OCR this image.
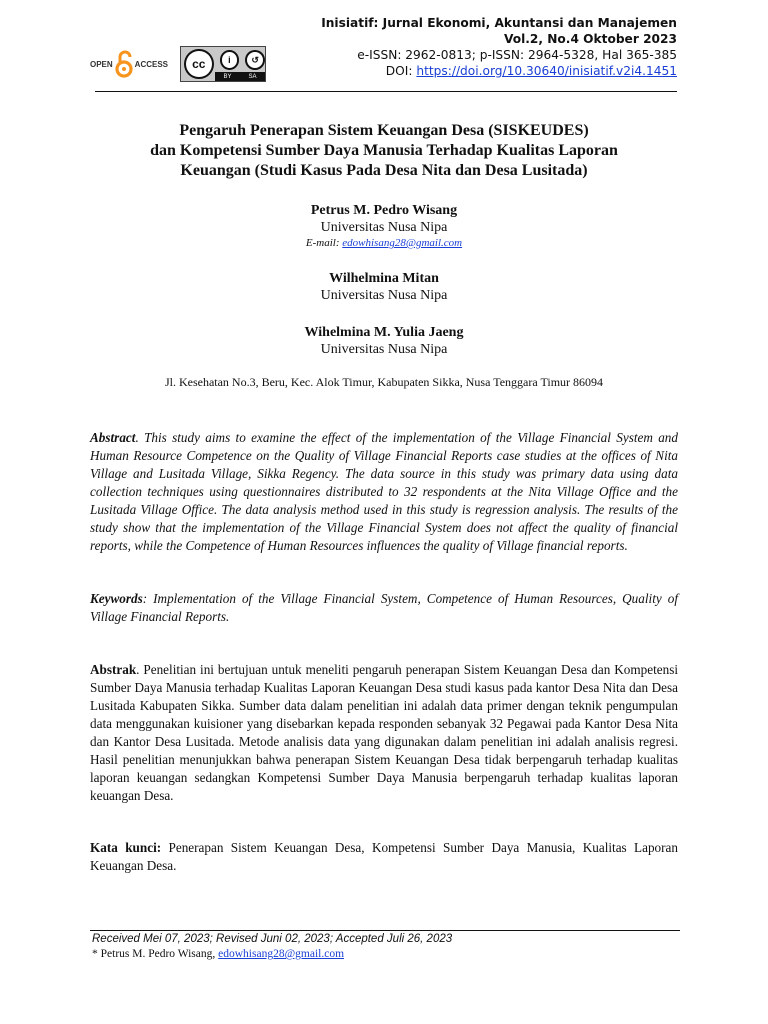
OPEN	ACCESS	cc	i	↺
BY	SA
Inisiatif: Jurnal Ekonomi, Akuntansi dan Manajemen
Vol.2, No.4 Oktober 2023
e-ISSN: 2962-0813; p-ISSN: 2964-5328, Hal 365-385
DOI: https://doi.org/10.30640/inisiatif.v2i4.1451
Pengaruh Penerapan Sistem Keuangan Desa (SISKEUDES)
dan Kompetensi Sumber Daya Manusia Terhadap Kualitas Laporan
Keuangan (Studi Kasus Pada Desa Nita dan Desa Lusitada)
Petrus M. Pedro Wisang
Universitas Nusa Nipa
E-mail: edowhisang28@gmail.com
Wilhelmina Mitan
Universitas Nusa Nipa
Wihelmina M. Yulia Jaeng
Universitas Nusa Nipa
Jl. Kesehatan No.3, Beru, Kec. Alok Timur, Kabupaten Sikka, Nusa Tenggara Timur 86094
Abstract. This study aims to examine the effect of the implementation of the Village Financial System and Human Resource Competence on the Quality of Village Financial Reports case studies at the offices of Nita Village and Lusitada Village, Sikka Regency. The data source in this study was primary data using data collection techniques using questionnaires distributed to 32 respondents at the Nita Village Office and the Lusitada Village Office. The data analysis method used in this study is regression analysis. The results of the study show that the implementation of the Village Financial System does not affect the quality of financial reports, while the Competence of Human Resources influences the quality of Village financial reports.
Keywords: Implementation of the Village Financial System, Competence of Human Resources, Quality of Village Financial Reports.
Abstrak. Penelitian ini bertujuan untuk meneliti pengaruh penerapan Sistem Keuangan Desa dan Kompetensi Sumber Daya Manusia terhadap Kualitas Laporan Keuangan Desa studi kasus pada kantor Desa Nita dan Desa Lusitada Kabupaten Sikka. Sumber data dalam penelitian ini adalah data primer dengan teknik pengumpulan data menggunakan kuisioner yang disebarkan kepada responden sebanyak 32 Pegawai pada Kantor Desa Nita dan Kantor Desa Lusitada. Metode analisis data yang digunakan dalam penelitian ini adalah analisis regresi. Hasil penelitian menunjukkan bahwa penerapan Sistem Keuangan Desa tidak berpengaruh terhadap kualitas laporan keuangan sedangkan Kompetensi Sumber Daya Manusia berpengaruh terhadap kualitas laporan keuangan Desa.
Kata kunci: Penerapan Sistem Keuangan Desa, Kompetensi Sumber Daya Manusia, Kualitas Laporan Keuangan Desa.
Received Mei 07, 2023; Revised Juni 02, 2023; Accepted Juli 26, 2023
* Petrus M. Pedro Wisang, edowhisang28@gmail.com
